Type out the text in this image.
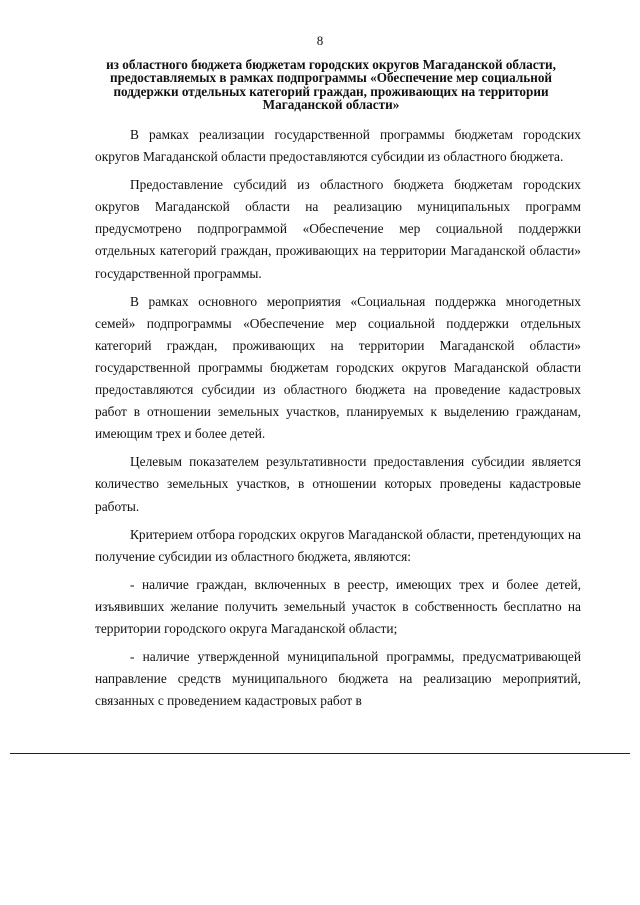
8
из областного бюджета бюджетам городских округов Магаданской области, предоставляемых в рамках подпрограммы «Обеспечение мер социальной поддержки отдельных категорий граждан, проживающих на территории Магаданской области»

В рамках реализации государственной программы бюджетам городских округов Магаданской области предоставляются субсидии из областного бюджета.

Предоставление субсидий из областного бюджета бюджетам городских округов Магаданской области на реализацию муниципальных программ предусмотрено подпрограммой «Обеспечение мер социальной поддержки отдельных категорий граждан, проживающих на территории Магаданской области» государственной программы.

В рамках основного мероприятия «Социальная поддержка многодетных семей» подпрограммы «Обеспечение мер социальной поддержки отдельных категорий граждан, проживающих на территории Магаданской области» государственной программы бюджетам городских округов Магаданской области предоставляются субсидии из областного бюджета на проведение кадастровых работ в отношении земельных участков, планируемых к выделению гражданам, имеющим трех и более детей.

Целевым показателем результативности предоставления субсидии является количество земельных участков, в отношении которых проведены кадастровые работы.

Критерием отбора городских округов Магаданской области, претендующих на получение субсидии из областного бюджета, являются:

- наличие граждан, включенных в реестр, имеющих трех и более детей, изъявивших желание получить земельный участок в собственность бесплатно на территории городского округа Магаданской области;

- наличие утвержденной муниципальной программы, предусматривающей направление средств муниципального бюджета на реализацию мероприятий, связанных с проведением кадастровых работ в
